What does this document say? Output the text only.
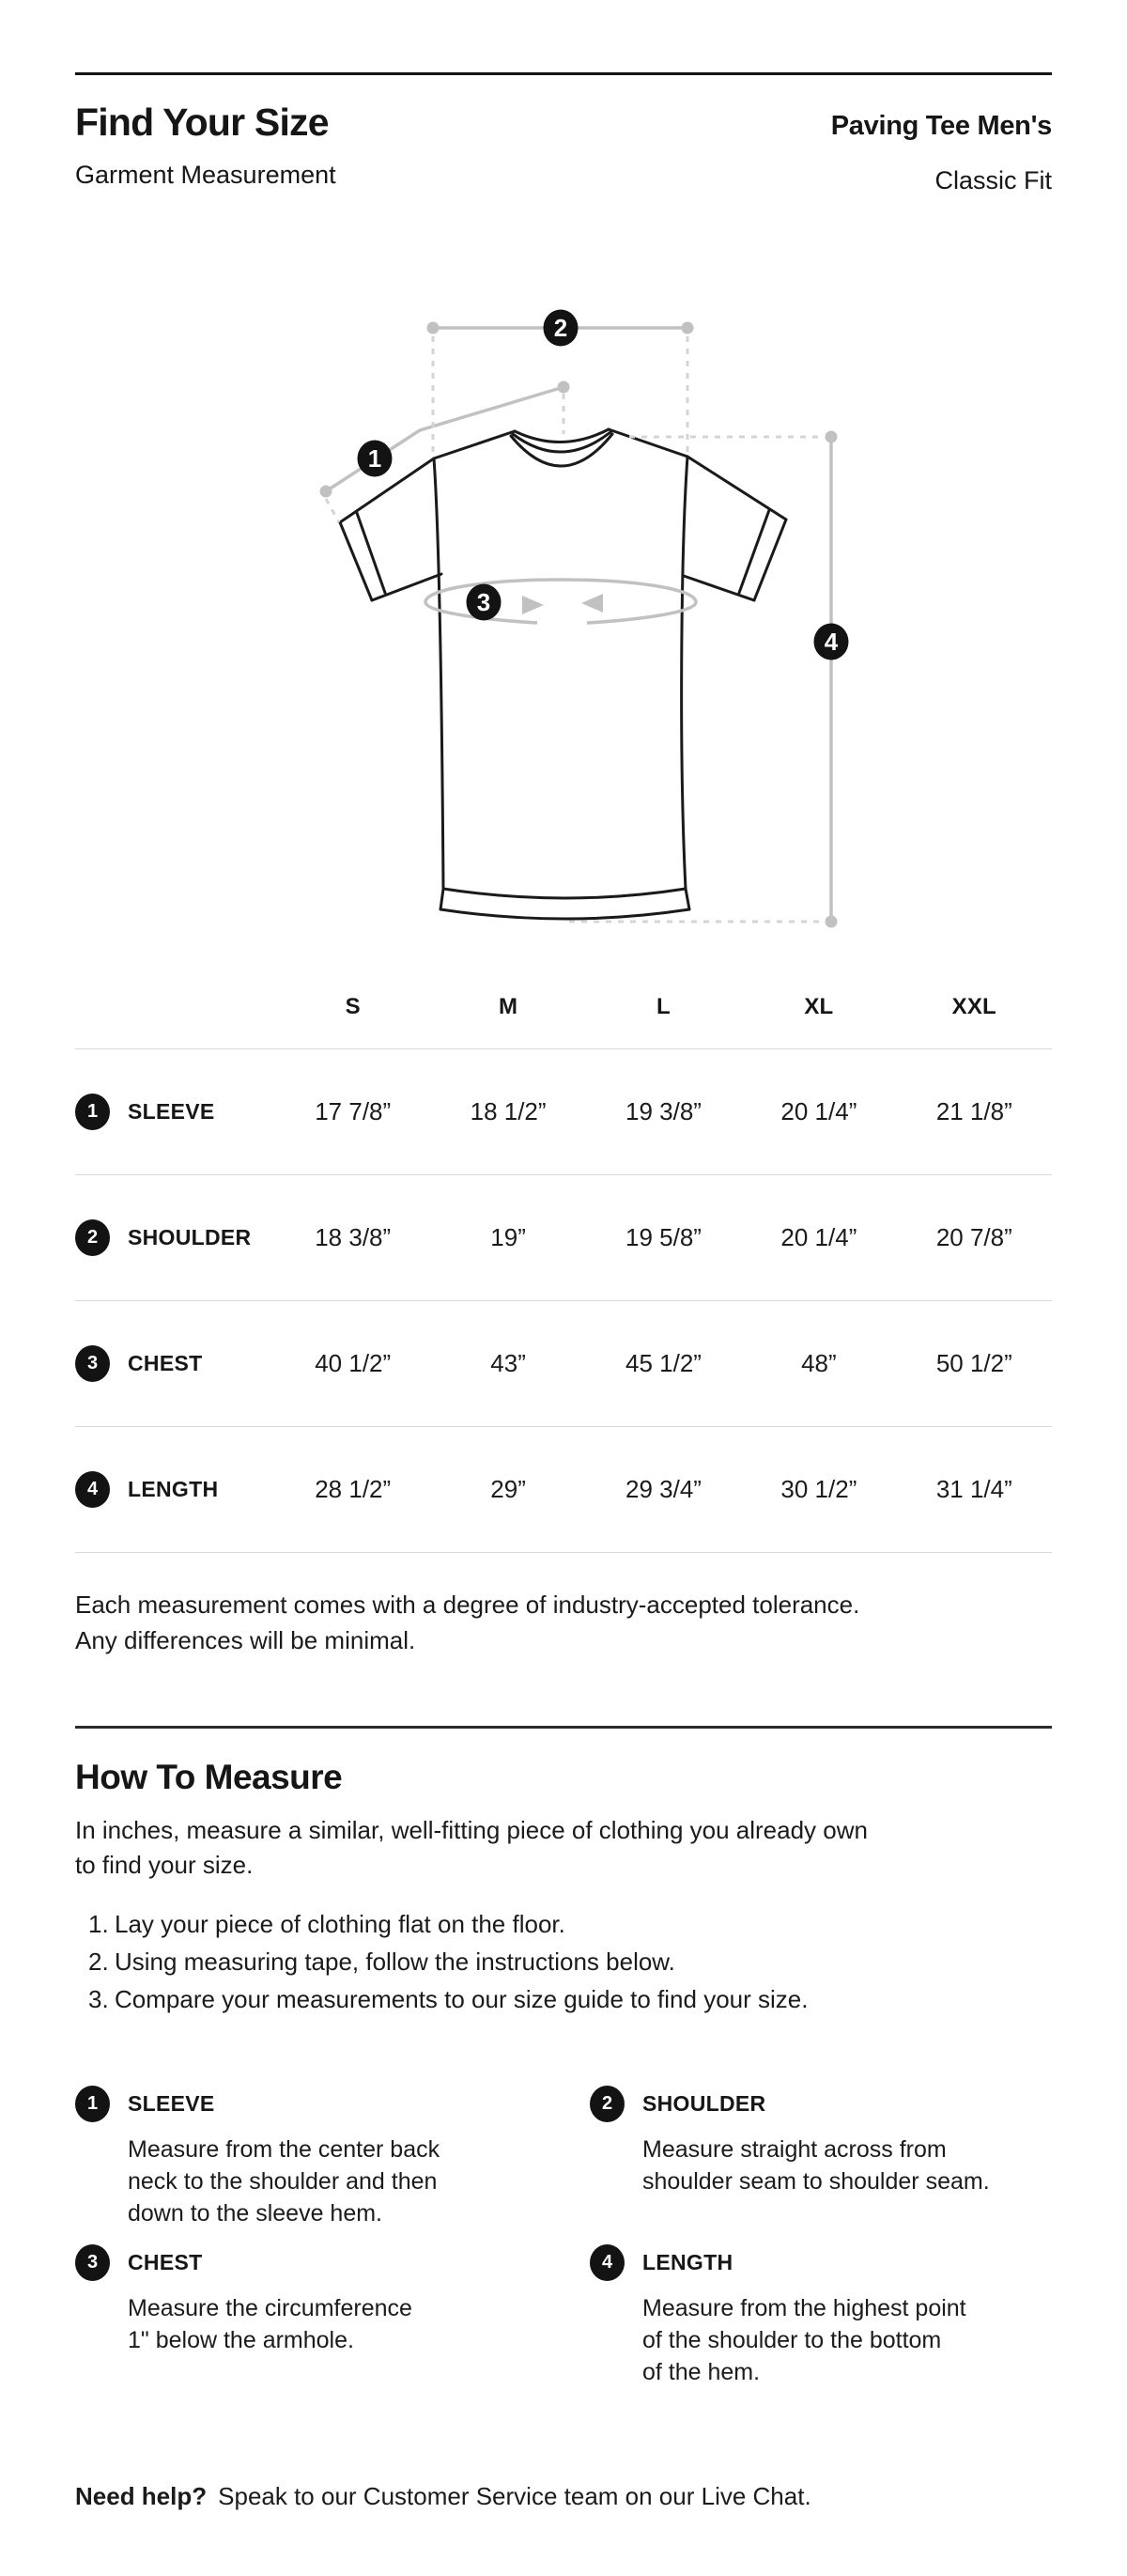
Find Your Size
Garment Measurement
Paving Tee Men's
Classic Fit
1
2
3
4
S	M	L	XL	XXL
1	SLEEVE	17 7/8”	18 1/2”	19 3/8”	20 1/4”	21 1/8”
2	SHOULDER	18 3/8”	19”	19 5/8”	20 1/4”	20 7/8”
3	CHEST	40 1/2”	43”	45 1/2”	48”	50 1/2”
4	LENGTH	28 1/2”	29”	29 3/4”	30 1/2”	31 1/4”

Each measurement comes with a degree of industry-accepted tolerance.
Any differences will be minimal.

How To Measure

In inches, measure a similar, well-fitting piece of clothing you already own
to find your size.

1. Lay your piece of clothing flat on the floor.
2. Using measuring tape, follow the instructions below.
3. Compare your measurements to our size guide to find your size.
1	SLEEVE
Measure from the center back
neck to the shoulder and then
down to the sleeve hem.
2	SHOULDER
Measure straight across from
shoulder seam to shoulder seam.
3	CHEST
Measure the circumference
1" below the armhole.
4	LENGTH
Measure from the highest point
of the shoulder to the bottom
of the hem.

Need help? Speak to our Customer Service team on our Live Chat.
